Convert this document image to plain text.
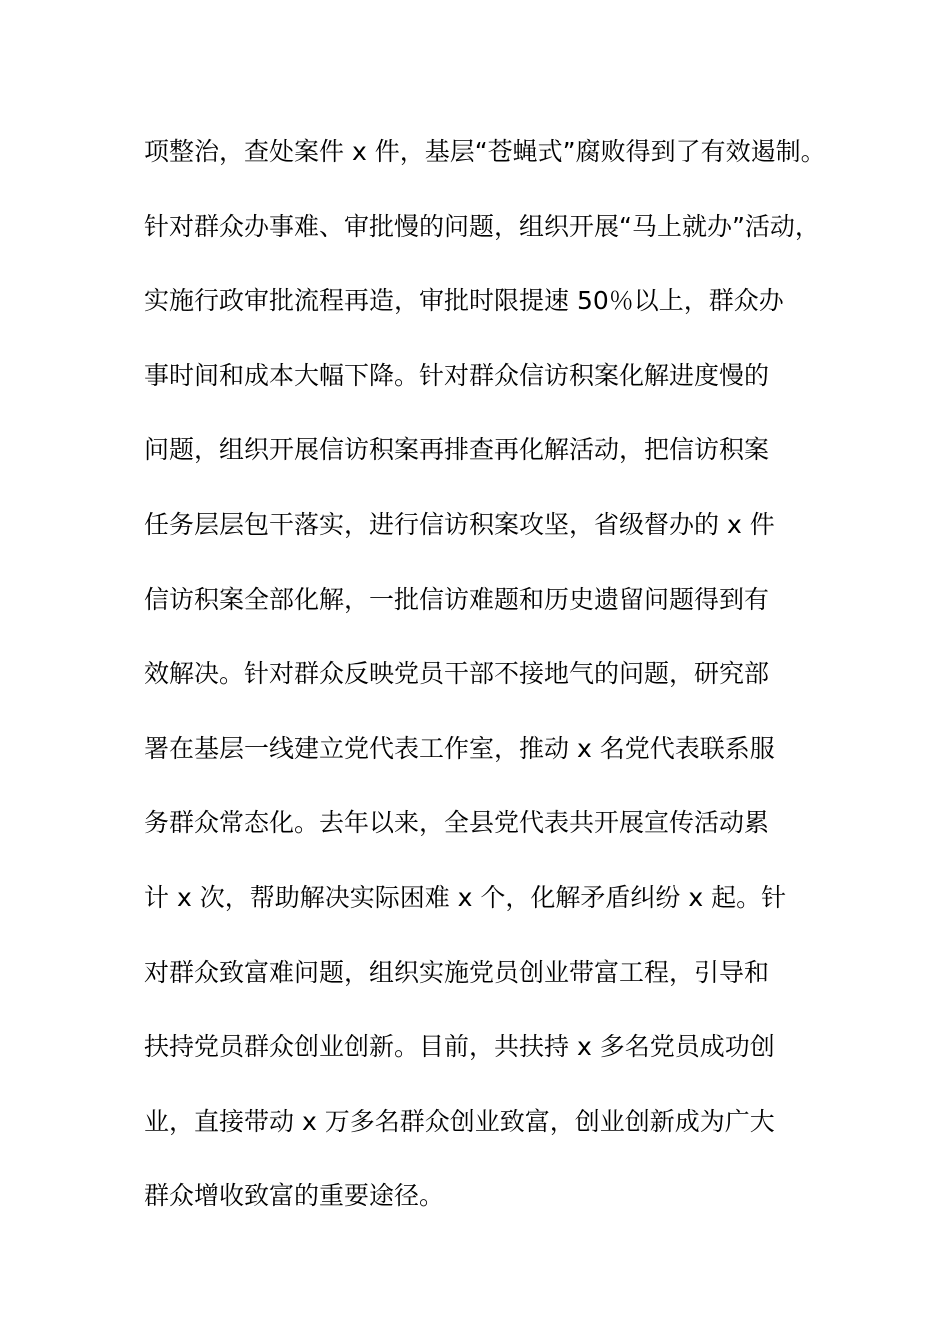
项整治，查处案件 x 件，基层“苍蝇式”腐败得到了有效遏制。
针对群众办事难、审批慢的问题，组织开展“马上就办”活动，
实施行政审批流程再造，审批时限提速 50％以上，群众办
事时间和成本大幅下降。针对群众信访积案化解进度慢的
问题，组织开展信访积案再排查再化解活动，把信访积案
任务层层包干落实，进行信访积案攻坚，省级督办的 x 件
信访积案全部化解，一批信访难题和历史遗留问题得到有
效解决。针对群众反映党员干部不接地气的问题，研究部
署在基层一线建立党代表工作室，推动 x 名党代表联系服
务群众常态化。去年以来，全县党代表共开展宣传活动累
计 x 次，帮助解决实际困难 x 个，化解矛盾纠纷 x 起。针
对群众致富难问题，组织实施党员创业带富工程，引导和
扶持党员群众创业创新。目前，共扶持 x 多名党员成功创
业，直接带动 x 万多名群众创业致富，创业创新成为广大
群众增收致富的重要途径。
